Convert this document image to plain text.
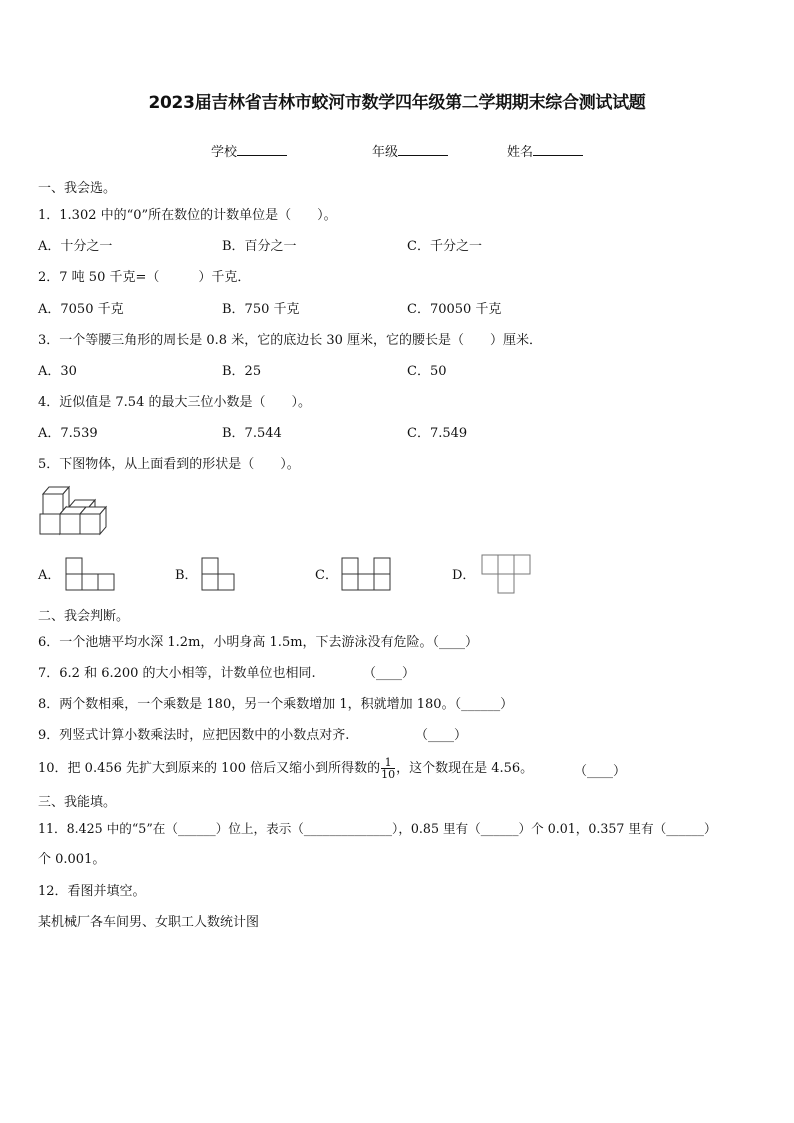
2023届吉林省吉林市蛟河市数学四年级第二学期期末综合测试试题
学校	年级	姓名
一、我会选。
1．1.302 中的“0”所在数位的计数单位是（　　）。
A．十分之一	B．百分之一	C．千分之一
2．7 吨 50 千克=（　　　）千克．
A．7050 千克	B．750 千克	C．70050 千克
3．一个等腰三角形的周长是 0.8 米，它的底边长 30 厘米，它的腰长是（　　）厘米．
A．30	B．25	C．50
4．近似值是 7.54 的最大三位小数是（　　）。
A．7.539	B．7.544	C．7.549
5．下图物体，从上面看到的形状是（　　）。
A．	B．	C．	D．
二、我会判断。
6．一个池塘平均水深 1.2m，小明身高 1.5m，下去游泳没有危险。（____）
7．6.2 和 6.200 的大小相等，计数单位也相同.	（____）
8．两个数相乘，一个乘数是 180，另一个乘数增加 1，积就增加 180。（______）
9．列竖式计算小数乘法时，应把因数中的小数点对齐.	（____）
10．把 0.456 先扩大到原来的 100 倍后又缩小到所得数的 $\frac{1}{10}$ ，这个数现在是 4.56。	（____）
三、我能填。
11．8.425 中的“5”在（______）位上，表示（______________），0.85 里有（______）个 0.01，0.357 里有（______）
个 0.001。
12．看图并填空。
某机械厂各车间男、女职工人数统计图
